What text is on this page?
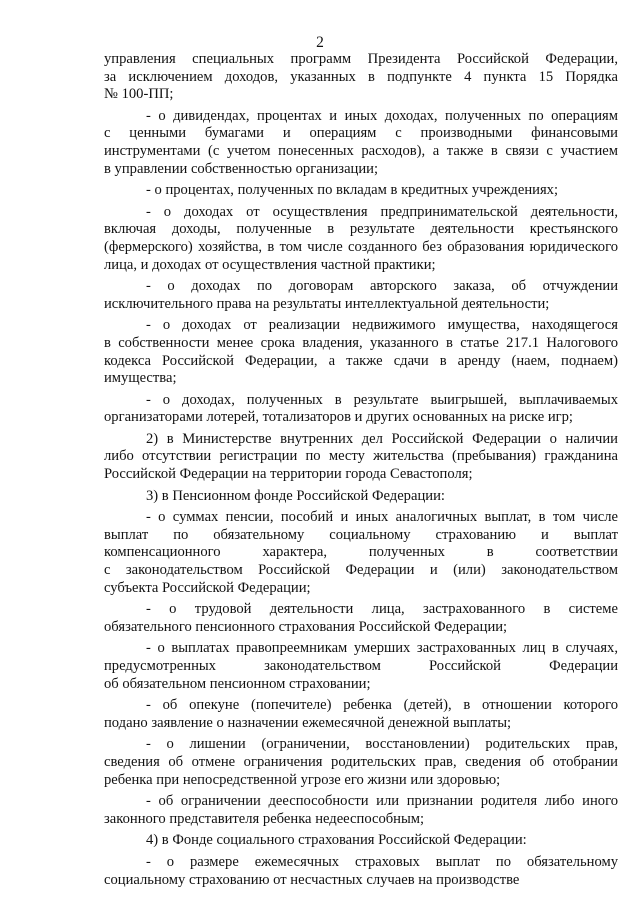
2
управления специальных программ Президента Российской Федерации,
за исключением доходов, указанных в подпункте 4 пункта 15 Порядка
№ 100-ПП;
- о дивидендах, процентах и иных доходах, полученных по операциям
с ценными бумагами и операциям с производными финансовыми
инструментами (с учетом понесенных расходов), а также в связи с участием
в управлении собственностью организации;
- о процентах, полученных по вкладам в кредитных учреждениях;
- о доходах от осуществления предпринимательской деятельности,
включая доходы, полученные в результате деятельности крестьянского
(фермерского) хозяйства, в том числе созданного без образования юридического
лица, и доходах от осуществления частной практики;
- о доходах по договорам авторского заказа, об отчуждении
исключительного права на результаты интеллектуальной деятельности;
- о доходах от реализации недвижимого имущества, находящегося
в собственности менее срока владения, указанного в статье 217.1 Налогового
кодекса Российской Федерации, а также сдачи в аренду (наем, поднаем)
имущества;
- о доходах, полученных в результате выигрышей, выплачиваемых
организаторами лотерей, тотализаторов и других основанных на риске игр;
2) в Министерстве внутренних дел Российской Федерации о наличии
либо отсутствии регистрации по месту жительства (пребывания) гражданина
Российской Федерации на территории города Севастополя;
3) в Пенсионном фонде Российской Федерации:
- о суммах пенсии, пособий и иных аналогичных выплат, в том числе
выплат по обязательному социальному страхованию и выплат
компенсационного характера, полученных в соответствии
с законодательством Российской Федерации и (или) законодательством
субъекта Российской Федерации;
- о трудовой деятельности лица, застрахованного в системе
обязательного пенсионного страхования Российской Федерации;
- о выплатах правопреемникам умерших застрахованных лиц в случаях,
предусмотренных законодательством Российской Федерации
об обязательном пенсионном страховании;
- об опекуне (попечителе) ребенка (детей), в отношении которого
подано заявление о назначении ежемесячной денежной выплаты;
- о лишении (ограничении, восстановлении) родительских прав,
сведения об отмене ограничения родительских прав, сведения об отобрании
ребенка при непосредственной угрозе его жизни или здоровью;
- об ограничении дееспособности или признании родителя либо иного
законного представителя ребенка недееспособным;
4) в Фонде социального страхования Российской Федерации:
- о размере ежемесячных страховых выплат по обязательному
социальному страхованию от несчастных случаев на производстве
